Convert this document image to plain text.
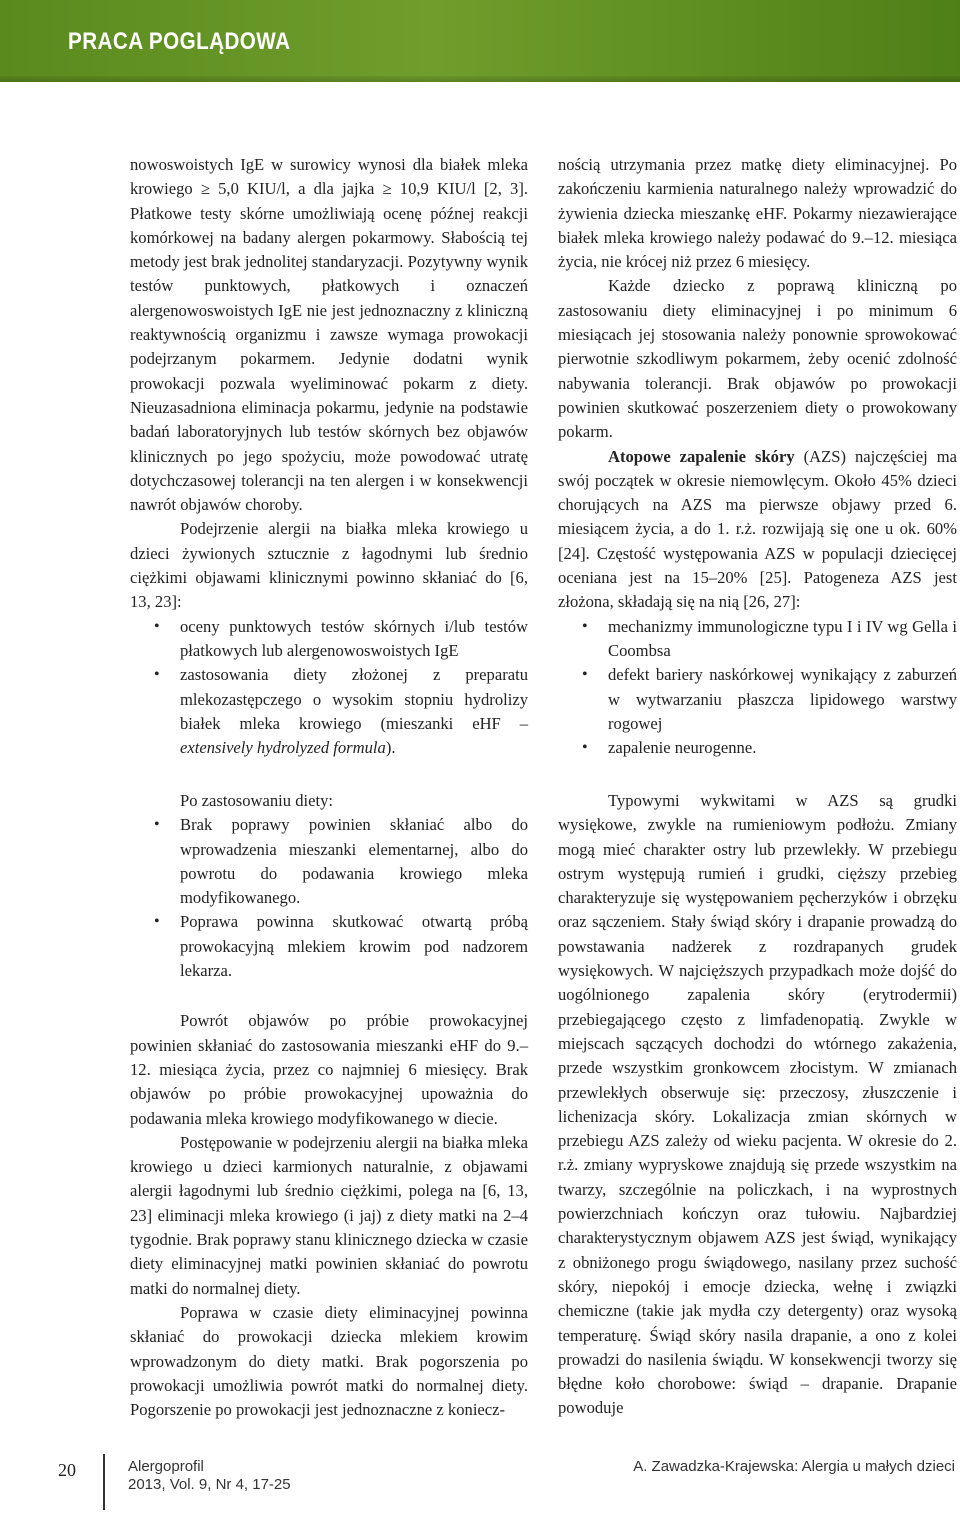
PRACA POGLĄDOWA

nowoswoistych IgE w surowicy wynosi dla białek mleka krowiego ≥ 5,0 KIU/l, a dla jajka ≥ 10,9 KIU/l [2, 3]. Płatkowe testy skórne umożliwiają ocenę późnej reakcji komórkowej na badany alergen pokarmowy. Słabością tej metody jest brak jednolitej standaryzacji. Pozytywny wynik testów punktowych, płatkowych i oznaczeń alergenowoswoistych IgE nie jest jednoznaczny z kliniczną reaktywnością organizmu i zawsze wymaga prowokacji podejrzanym pokarmem. Jedynie dodatni wynik prowokacji pozwala wyeliminować pokarm z diety. Nieuzasadniona eliminacja pokarmu, jedynie na podstawie badań laboratoryjnych lub testów skórnych bez objawów klinicznych po jego spożyciu, może powodować utratę dotychczasowej tolerancji na ten alergen i w konsekwencji nawrót objawów choroby.

Podejrzenie alergii na białka mleka krowiego u dzieci żywionych sztucznie z łagodnymi lub średnio ciężkimi objawami klinicznymi powinno skłaniać do [6, 13, 23]:

• oceny punktowych testów skórnych i/lub testów płatkowych lub alergenowoswoistych IgE
• zastosowania diety złożonej z preparatu mlekozastępczego o wysokim stopniu hydrolizy białek mleka krowiego (mieszanki eHF – extensively hydrolyzed formula).

nością utrzymania przez matkę diety eliminacyjnej. Po zakończeniu karmienia naturalnego należy wprowadzić do żywienia dziecka mieszankę eHF. Pokarmy niezawierające białek mleka krowiego należy podawać do 9.–12. miesiąca życia, nie krócej niż przez 6 miesięcy.

Każde dziecko z poprawą kliniczną po zastosowaniu diety eliminacyjnej i po minimum 6 miesiącach jej stosowania należy ponownie sprowokować pierwotnie szkodliwym pokarmem, żeby ocenić zdolność nabywania tolerancji. Brak objawów po prowokacji powinien skutkować poszerzeniem diety o prowokowany pokarm.

Atopowe zapalenie skóry (AZS) najczęściej ma swój początek w okresie niemowlęcym. Około 45% dzieci chorujących na AZS ma pierwsze objawy przed 6. miesiącem życia, a do 1. r.ż. rozwijają się one u ok. 60% [24]. Częstość występowania AZS w populacji dziecięcej oceniana jest na 15–20% [25]. Patogeneza AZS jest złożona, składają się na nią [26, 27]:

• mechanizmy immunologiczne typu I i IV wg Gella i Coombsa
• defekt bariery naskórkowej wynikający z zaburzeń w wytwarzaniu płaszcza lipidowego warstwy rogowej
• zapalenie neurogenne.

Po zastosowaniu diety:

• Brak poprawy powinien skłaniać albo do wprowadzenia mieszanki elementarnej, albo do powrotu do podawania krowiego mleka modyfikowanego.
• Poprawa powinna skutkować otwartą próbą prowokacyjną mlekiem krowim pod nadzorem lekarza.

Powrót objawów po próbie prowokacyjnej powinien skłaniać do zastosowania mieszanki eHF do 9.–12. miesiąca życia, przez co najmniej 6 miesięcy. Brak objawów po próbie prowokacyjnej upoważnia do podawania mleka krowiego modyfikowanego w diecie.

Postępowanie w podejrzeniu alergii na białka mleka krowiego u dzieci karmionych naturalnie, z objawami alergii łagodnymi lub średnio ciężkimi, polega na [6, 13, 23] eliminacji mleka krowiego (i jaj) z diety matki na 2–4 tygodnie. Brak poprawy stanu klinicznego dziecka w czasie diety eliminacyjnej matki powinien skłaniać do powrotu matki do normalnej diety.

Poprawa w czasie diety eliminacyjnej powinna skłaniać do prowokacji dziecka mlekiem krowim wprowadzonym do diety matki. Brak pogorszenia po prowokacji umożliwia powrót matki do normalnej diety. Pogorszenie po prowokacji jest jednoznaczne z koniecz-

Typowymi wykwitami w AZS są grudki wysiękowe, zwykle na rumieniowym podłożu. Zmiany mogą mieć charakter ostry lub przewlekły. W przebiegu ostrym występują rumień i grudki, cięższy przebieg charakteryzuje się występowaniem pęcherzyków i obrzęku oraz sączeniem. Stały świąd skóry i drapanie prowadzą do powstawania nadżerek z rozdrapanych grudek wysiękowych. W najcięższych przypadkach może dojść do uogólnionego zapalenia skóry (erytrodermii) przebiegającego często z limfadenopatią. Zwykle w miejscach sączących dochodzi do wtórnego zakażenia, przede wszystkim gronkowcem złocistym. W zmianach przewlekłych obserwuje się: przeczosy, złuszczenie i lichenizacja skóry. Lokalizacja zmian skórnych w przebiegu AZS zależy od wieku pacjenta. W okresie do 2. r.ż. zmiany wypryskowe znajdują się przede wszystkim na twarzy, szczególnie na policzkach, i na wyprostnych powierzchniach kończyn oraz tułowiu. Najbardziej charakterystycznym objawem AZS jest świąd, wynikający z obniżonego progu świądowego, nasilany przez suchość skóry, niepokój i emocje dziecka, wełnę i związki chemiczne (takie jak mydła czy detergenty) oraz wysoką temperaturę. Świąd skóry nasila drapanie, a ono z kolei prowadzi do nasilenia świądu. W konsekwencji tworzy się błędne koło chorobowe: świąd – drapanie. Drapanie powoduje

20	Alergoprofil
2013, Vol. 9, Nr 4, 17-25
A. Zawadzka-Krajewska: Alergia u małych dzieci
